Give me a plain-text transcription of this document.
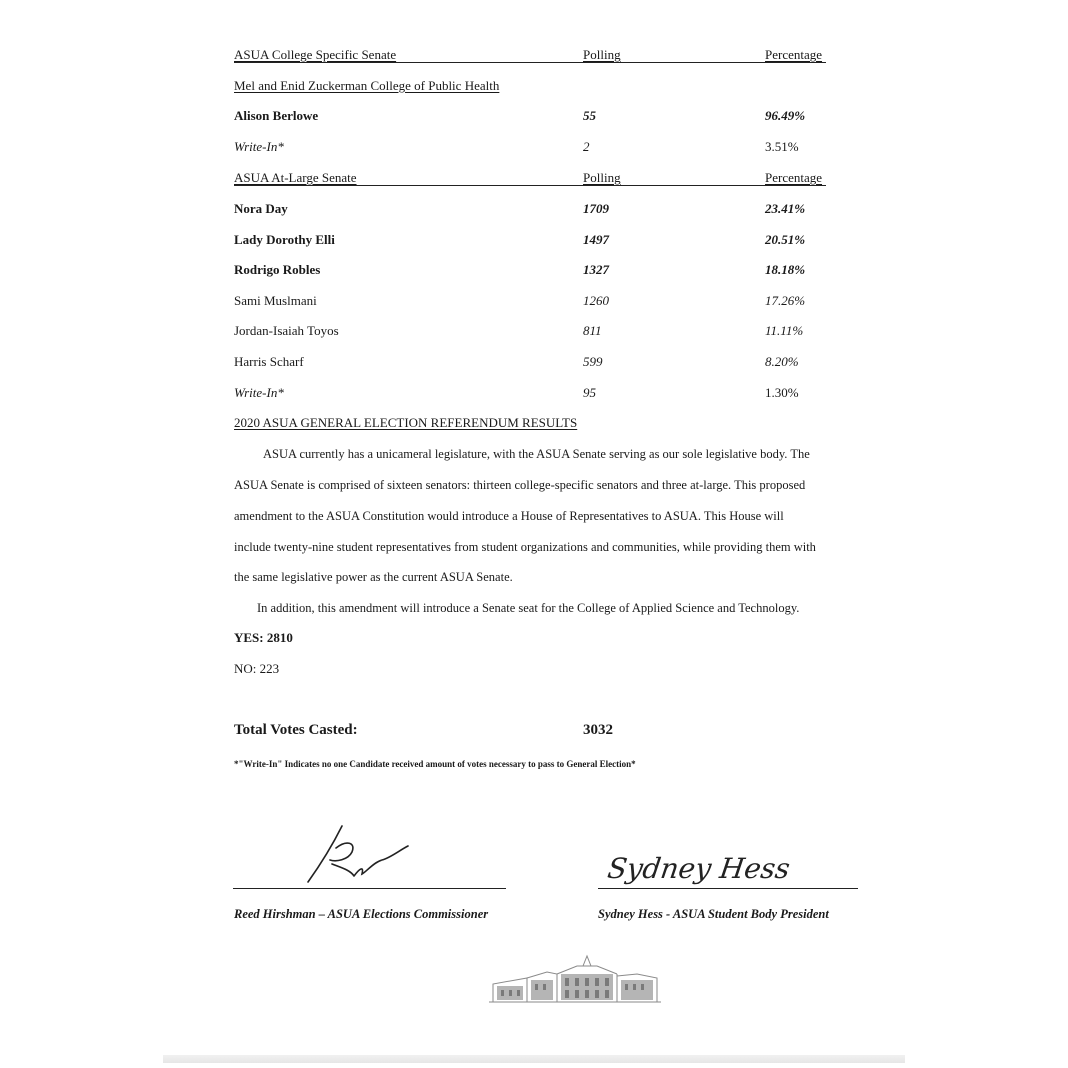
ASUA College Specific Senate	Polling	Percentage
Mel and Enid Zuckerman College of Public Health
Alison Berlowe	55	96.49%
Write-In*	2	3.51%
ASUA At-Large Senate	Polling	Percentage
Nora Day	1709	23.41%
Lady Dorothy Elli	1497	20.51%
Rodrigo Robles	1327	18.18%
Sami Muslmani	1260	17.26%
Jordan-Isaiah Toyos	811	11.11%
Harris Scharf	599	8.20%
Write-In*	95	1.30%
2020 ASUA GENERAL ELECTION REFERENDUM RESULTS
ASUA currently has a unicameral legislature, with the ASUA Senate serving as our sole legislative body. The
ASUA Senate is comprised of sixteen senators: thirteen college-specific senators and three at-large. This proposed
amendment to the ASUA Constitution would introduce a House of Representatives to ASUA. This House will
include twenty-nine student representatives from student organizations and communities, while providing them with
the same legislative power as the current ASUA Senate.
In addition, this amendment will introduce a Senate seat for the College of Applied Science and Technology.
YES: 2810
NO: 223
Total Votes Casted:	3032
*"Write-In" Indicates no one Candidate received amount of votes necessary to pass to General Election*
Reed Hirshman – ASUA Elections Commissioner
Sydney Hess
Sydney Hess - ASUA Student Body President
